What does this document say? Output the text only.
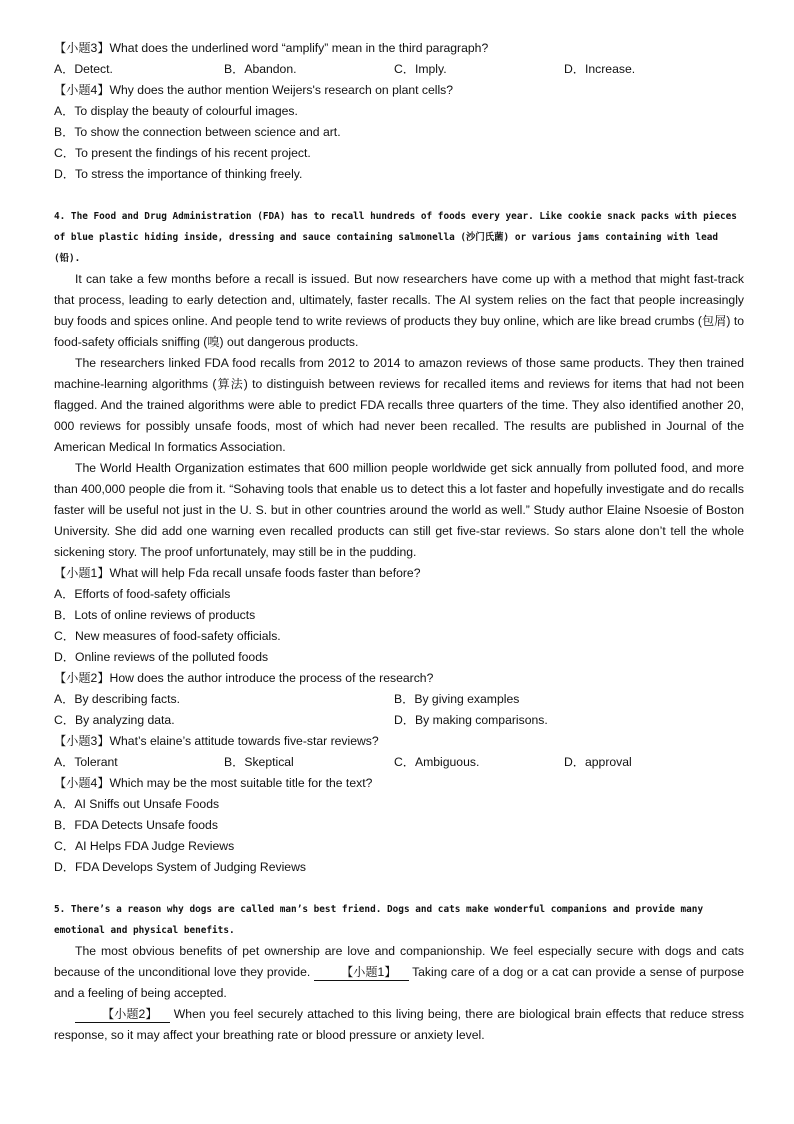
【小题3】What does the underlined word “amplify” mean in the third paragraph?
A．Detect.	B．Abandon.	C．Imply.	D．Increase.
【小题4】Why does the author mention Weijers's research on plant cells?
A．To display the beauty of colourful images.
B．To show the connection between science and art.
C．To present the findings of his recent project.
D．To stress the importance of thinking freely.
4. The Food and Drug Administration (FDA) has to recall hundreds of foods every year. Like cookie snack packs with pieces of blue plastic hiding inside, dressing and sauce containing salmonella (沙门氏菌) or various jams containing with lead (铅).
It can take a few months before a recall is issued. But now researchers have come up with a method that might fast-track that process, leading to early detection and, ultimately, faster recalls. The AI system relies on the fact that people increasingly buy foods and spices online. And people tend to write reviews of products they buy online, which are like bread crumbs (包屑) to food-safety officials sniffing (嗅) out dangerous products.
The researchers linked FDA food recalls from 2012 to 2014 to amazon reviews of those same products. They then trained machine-learning algorithms (算法) to distinguish between reviews for recalled items and reviews for items that had not been flagged. And the trained algorithms were able to predict FDA recalls three quarters of the time. They also identified another 20, 000 reviews for possibly unsafe foods, most of which had never been recalled. The results are published in Journal of the American Medical In formatics Association.
The World Health Organization estimates that 600 million people worldwide get sick annually from polluted food, and more than 400,000 people die from it. “Sohaving tools that enable us to detect this a lot faster and hopefully investigate and do recalls faster will be useful not just in the U. S. but in other countries around the world as well.” Study author Elaine Nsoesie of Boston University. She did add one warning even recalled products can still get five-star reviews. So stars alone don’t tell the whole sickening story. The proof unfortunately, may still be in the pudding.
【小题1】What will help Fda recall unsafe foods faster than before?
A．Efforts of food-safety officials
B．Lots of online reviews of products
C．New measures of food-safety officials.
D．Online reviews of the polluted foods
【小题2】How does the author introduce the process of the research?
A．By describing facts.	B．By giving examples
C．By analyzing data.	D．By making comparisons.
【小题3】What’s elaine’s attitude towards five-star reviews?
A．Tolerant	B．Skeptical	C．Ambiguous.	D．approval
【小题4】Which may be the most suitable title for the text?
A．AI Sniffs out Unsafe Foods
B．FDA Detects Unsafe foods
C．AI Helps FDA Judge Reviews
D．FDA Develops System of Judging Reviews
5. There’s a reason why dogs are called man’s best friend. Dogs and cats make wonderful companions and provide many emotional and physical benefits.
The most obvious benefits of pet ownership are love and companionship. We feel especially secure with dogs and cats because of the unconditional love they provide.	【小题1】 Taking care of a dog or a cat can provide a sense of purpose and a feeling of being accepted.
【小题2】 When you feel securely attached to this living being, there are biological brain effects that reduce stress response, so it may affect your breathing rate or blood pressure or anxiety level.
